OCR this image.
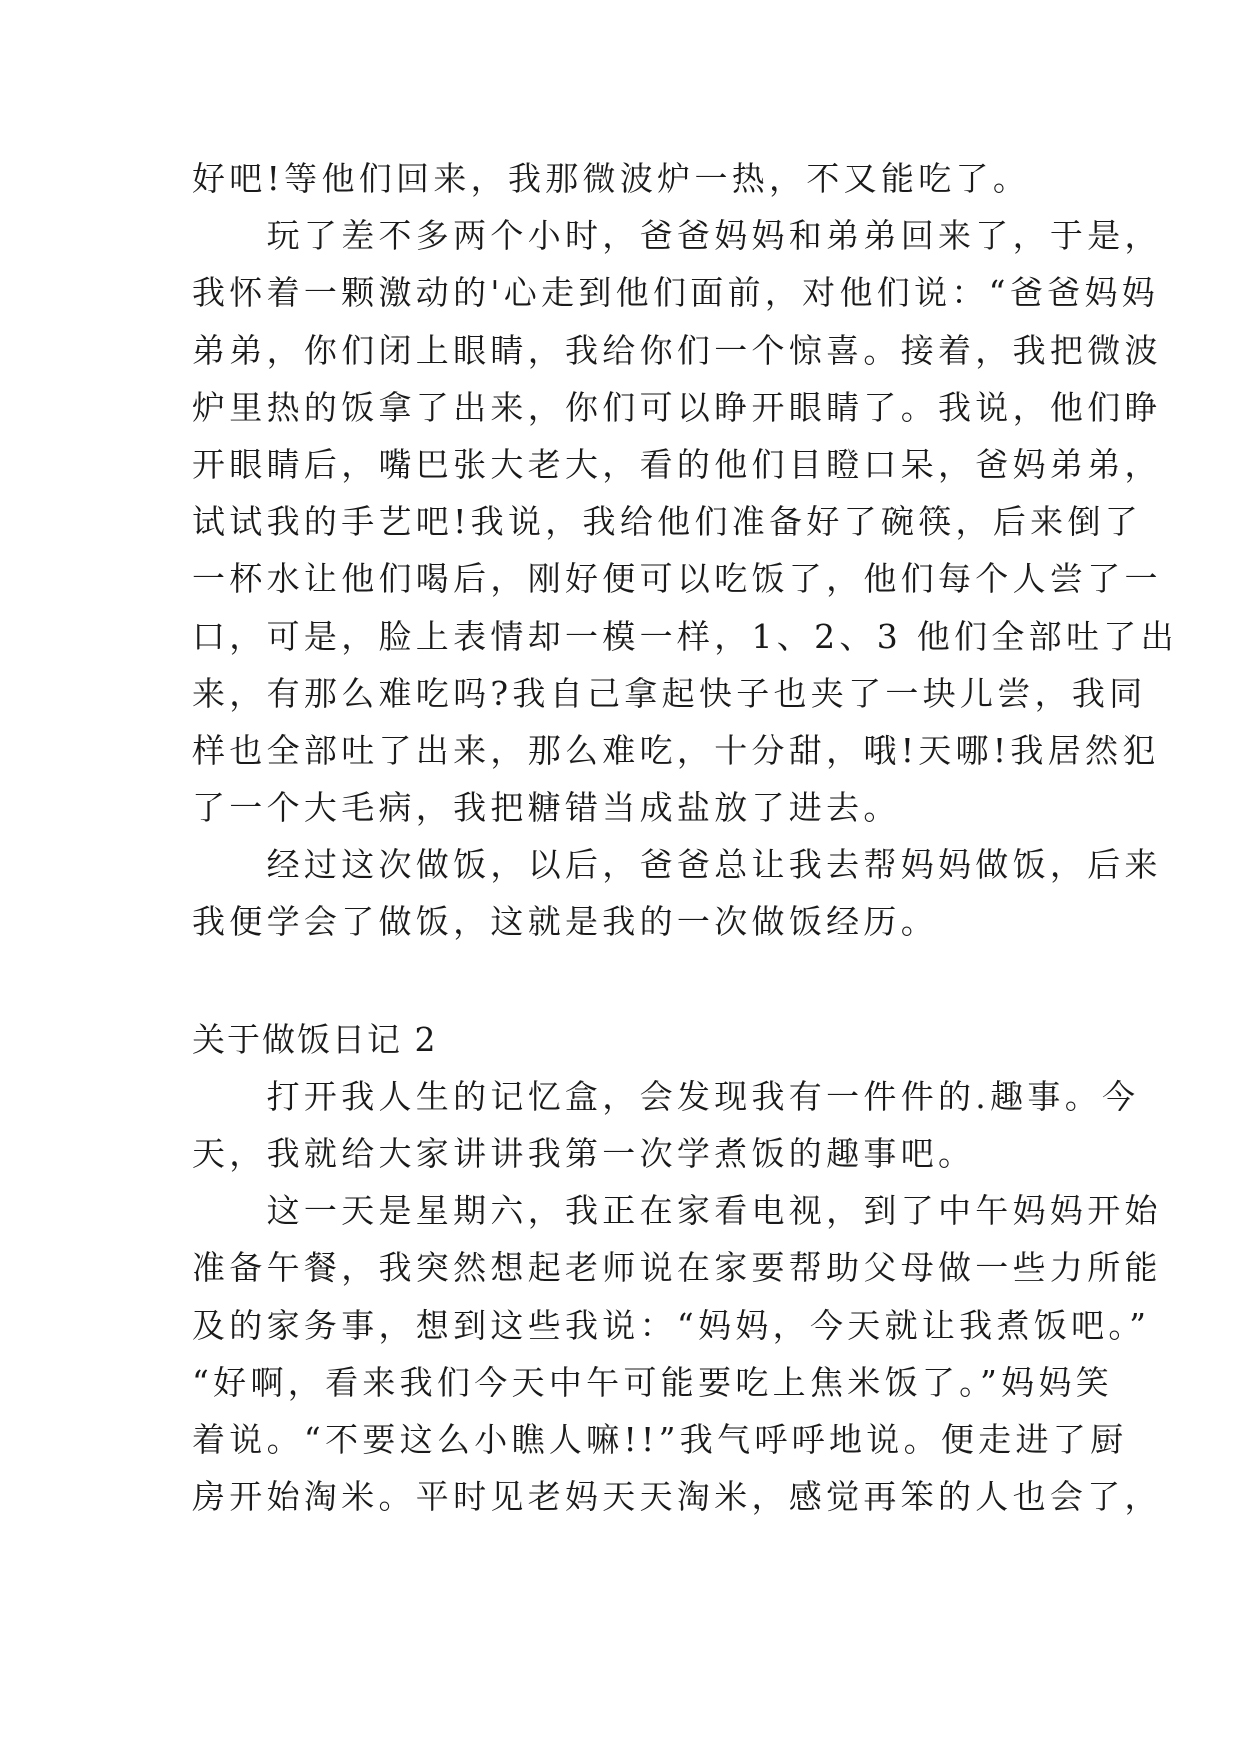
好吧!等他们回来，我那微波炉一热，不又能吃了。
　　玩了差不多两个小时，爸爸妈妈和弟弟回来了，于是，
我怀着一颗激动的'心走到他们面前，对他们说：“爸爸妈妈
弟弟，你们闭上眼睛，我给你们一个惊喜。接着，我把微波
炉里热的饭拿了出来，你们可以睁开眼睛了。我说，他们睁
开眼睛后，嘴巴张大老大，看的他们目瞪口呆，爸妈弟弟，
试试我的手艺吧!我说，我给他们准备好了碗筷，后来倒了
一杯水让他们喝后，刚好便可以吃饭了，他们每个人尝了一
口，可是，脸上表情却一模一样，1、2、3 他们全部吐了出
来，有那么难吃吗?我自己拿起快子也夹了一块儿尝，我同
样也全部吐了出来，那么难吃，十分甜，哦!天哪!我居然犯
了一个大毛病，我把糖错当成盐放了进去。
　　经过这次做饭，以后，爸爸总让我去帮妈妈做饭，后来
我便学会了做饭，这就是我的一次做饭经历。
关于做饭日记 2
　　打开我人生的记忆盒，会发现我有一件件的.趣事。今
天，我就给大家讲讲我第一次学煮饭的趣事吧。
　　这一天是星期六，我正在家看电视，到了中午妈妈开始
准备午餐，我突然想起老师说在家要帮助父母做一些力所能
及的家务事，想到这些我说：“妈妈，今天就让我煮饭吧。”
“好啊，看来我们今天中午可能要吃上焦米饭了。”妈妈笑
着说。“不要这么小瞧人嘛!!”我气呼呼地说。便走进了厨
房开始淘米。平时见老妈天天淘米，感觉再笨的人也会了，
